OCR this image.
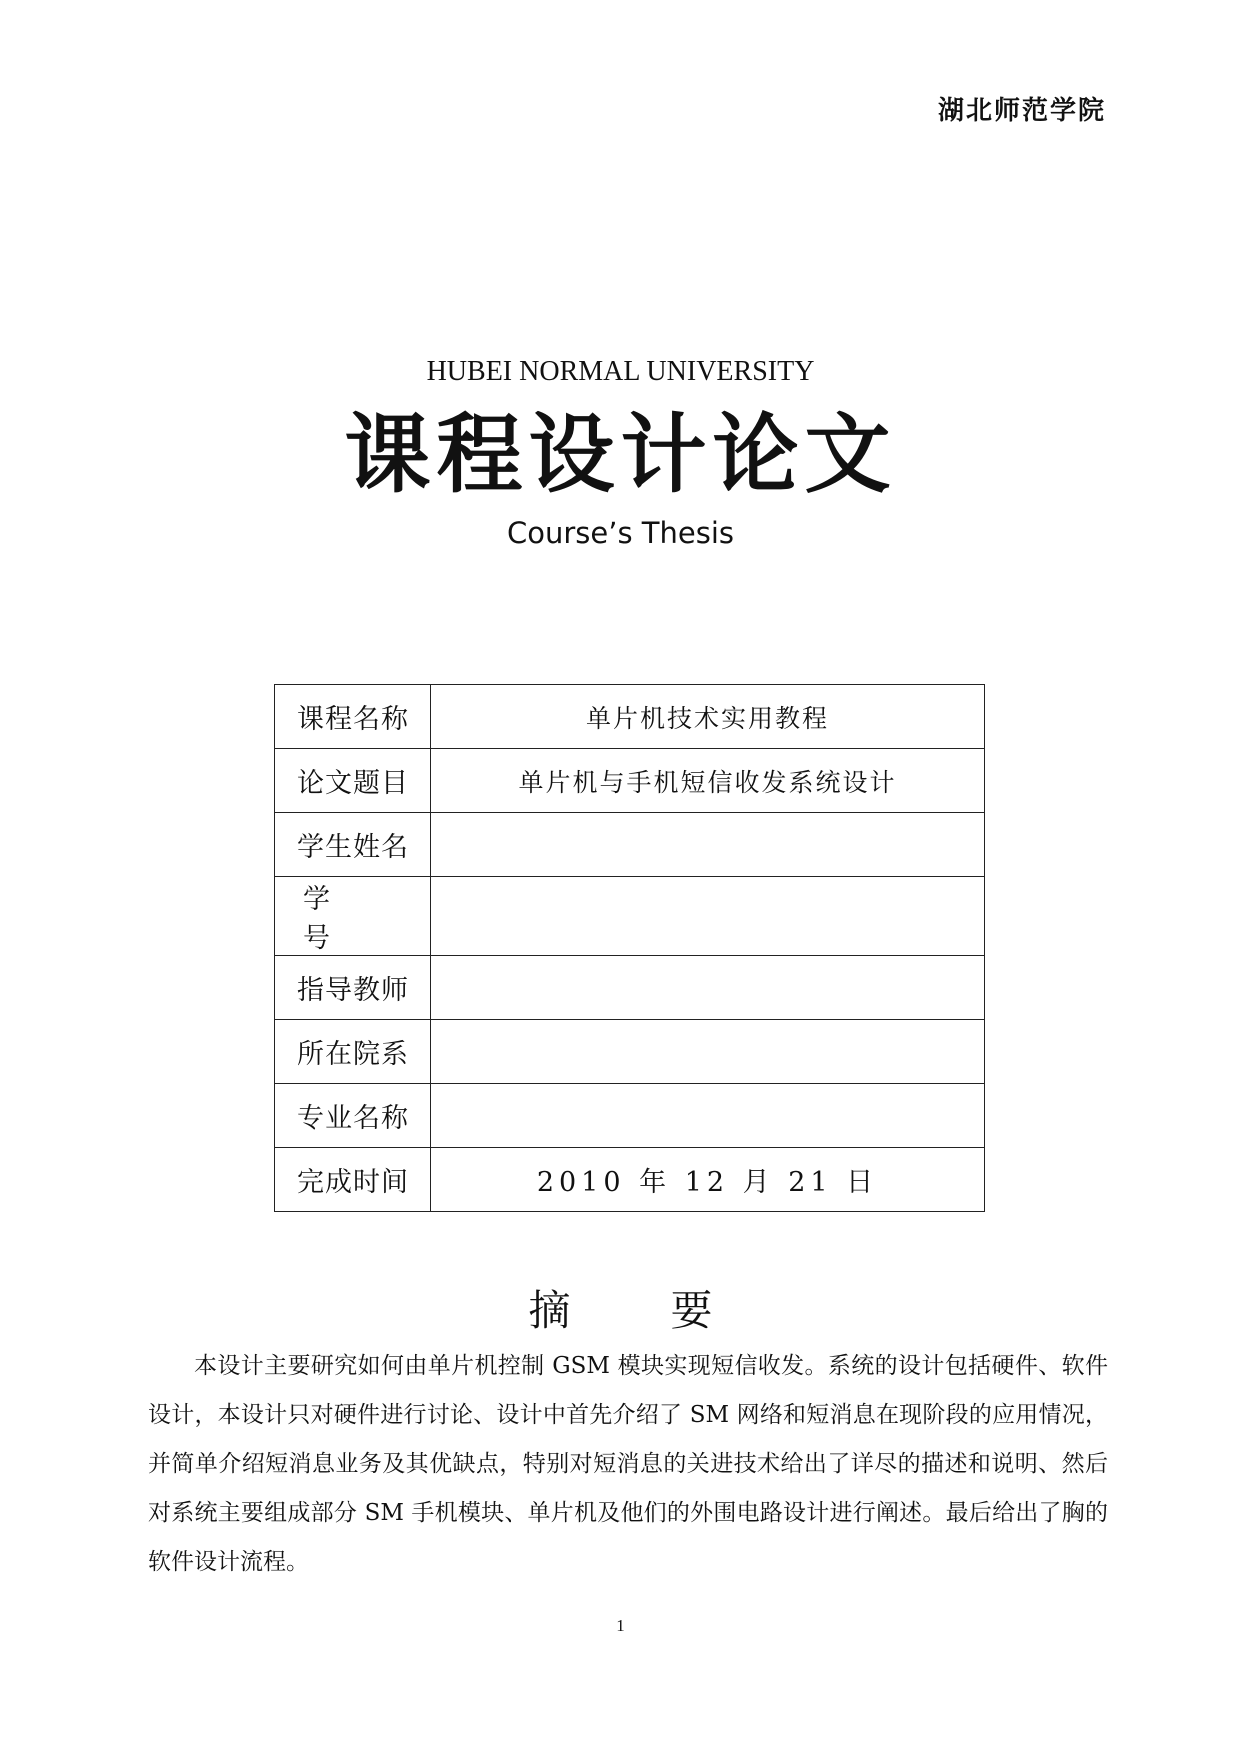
湖北师范学院
HUBEI NORMAL UNIVERSITY
课程设计论文
Course’s Thesis
课程名称	单片机技术实用教程
论文题目	单片机与手机短信收发系统设计
学生姓名	
学 号	
指导教师	
所在院系	
专业名称	
完成时间	2010 年 12 月 21 日
摘要

本设计主要研究如何由单片机控制 GSM 模块实现短信收发。系统的设计包括硬件、软件设计，本设计只对硬件进行讨论、设计中首先介绍了 SM 网络和短消息在现阶段的应用情况，并简单介绍短消息业务及其优缺点，特别对短消息的关进技术给出了详尽的描述和说明、然后对系统主要组成部分 SM 手机模块、单片机及他们的外围电路设计进行阐述。最后给出了胸的软件设计流程。

1
